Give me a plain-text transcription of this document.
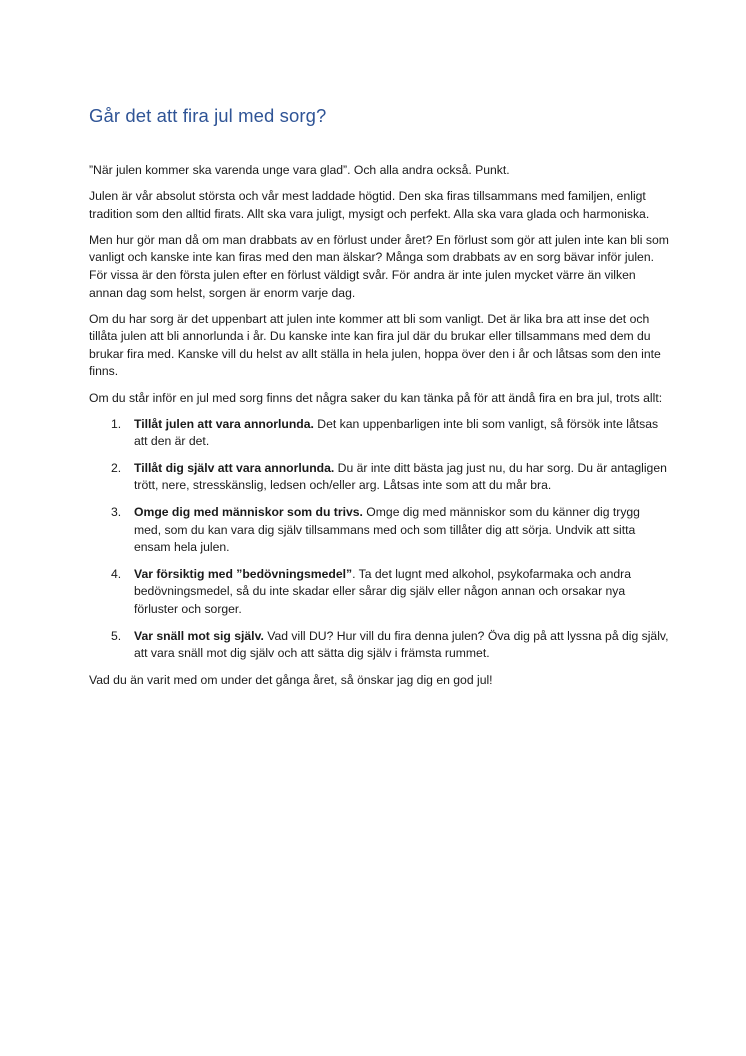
Går det att fira jul med sorg?

”När julen kommer ska varenda unge vara glad”. Och alla andra också. Punkt.

Julen är vår absolut största och vår mest laddade högtid. Den ska firas tillsammans med familjen, enligt tradition som den alltid firats. Allt ska vara juligt, mysigt och perfekt. Alla ska vara glada och harmoniska.

Men hur gör man då om man drabbats av en förlust under året? En förlust som gör att julen inte kan bli som vanligt och kanske inte kan firas med den man älskar? Många som drabbats av en sorg bävar inför julen. För vissa är den första julen efter en förlust väldigt svår. För andra är inte julen mycket värre än vilken annan dag som helst, sorgen är enorm varje dag.

Om du har sorg är det uppenbart att julen inte kommer att bli som vanligt. Det är lika bra att inse det och tillåta julen att bli annorlunda i år. Du kanske inte kan fira jul där du brukar eller tillsammans med dem du brukar fira med. Kanske vill du helst av allt ställa in hela julen, hoppa över den i år och låtsas som den inte finns.

Om du står inför en jul med sorg finns det några saker du kan tänka på för att ändå fira en bra jul, trots allt:

1. Tillåt julen att vara annorlunda. Det kan uppenbarligen inte bli som vanligt, så försök inte låtsas att den är det.
2. Tillåt dig själv att vara annorlunda. Du är inte ditt bästa jag just nu, du har sorg. Du är antagligen trött, nere, stresskänslig, ledsen och/eller arg. Låtsas inte som att du mår bra.
3. Omge dig med människor som du trivs. Omge dig med människor som du känner dig trygg med, som du kan vara dig själv tillsammans med och som tillåter dig att sörja. Undvik att sitta ensam hela julen.
4. Var försiktig med ”bedövningsmedel”. Ta det lugnt med alkohol, psykofarmaka och andra bedövningsmedel, så du inte skadar eller sårar dig själv eller någon annan och orsakar nya förluster och sorger.
5. Var snäll mot sig själv. Vad vill DU? Hur vill du fira denna julen? Öva dig på att lyssna på dig själv, att vara snäll mot dig själv och att sätta dig själv i främsta rummet.

Vad du än varit med om under det gånga året, så önskar jag dig en god jul!
